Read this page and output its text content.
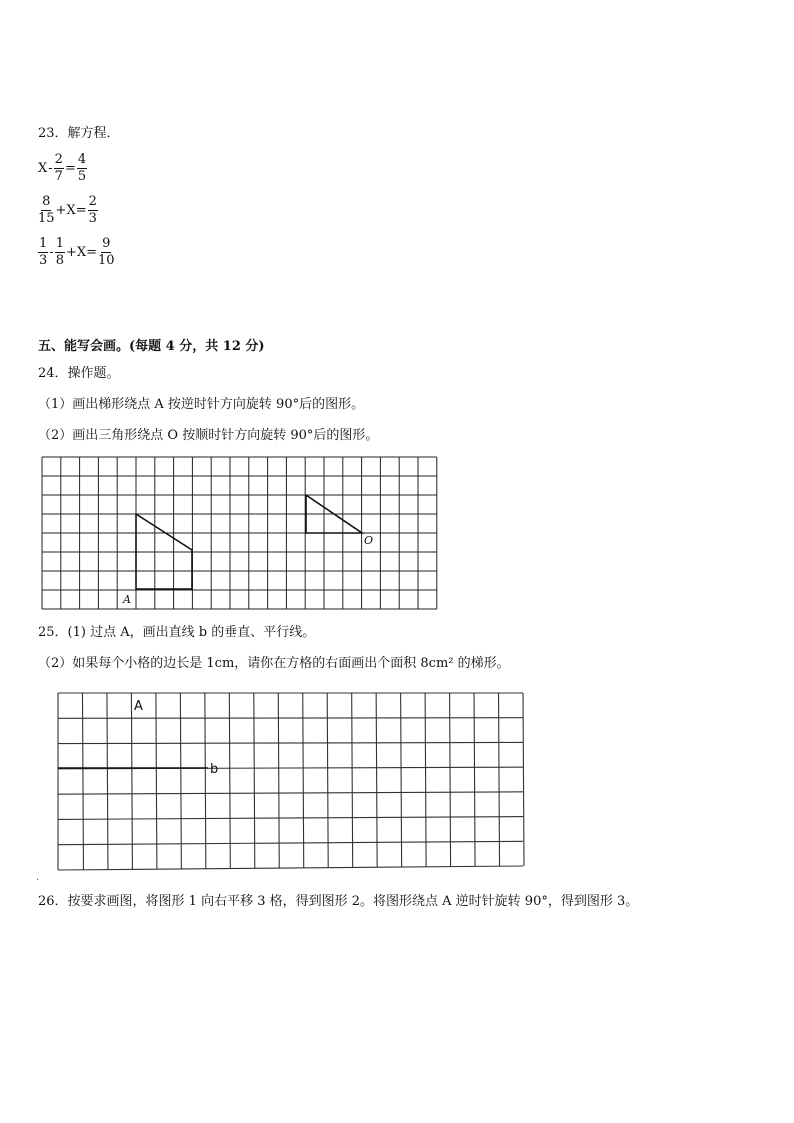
23．解方程．
$X - \frac{2}{7} = \frac{4}{5}$
$\frac{8}{15} +X= \frac{2}{3}$
$\frac{1}{3} - \frac{1}{8} +X= \frac{9}{10}$
五、能写会画。(每题 4 分，共 12 分)
24．操作题。
（1）画出梯形绕点 A 按逆时针方向旋转 90°后的图形。
（2）画出三角形绕点 O 按顺时针方向旋转 90°后的图形。
A
O
25．(1) 过点 A，画出直线 b 的垂直、平行线。
（2）如果每个小格的边长是 1cm，请你在方格的右面画出个面积 8cm² 的梯形。
A
b
·
26．按要求画图，将图形 1 向右平移 3 格，得到图形 2。将图形绕点 A 逆时针旋转 90°，得到图形 3。
